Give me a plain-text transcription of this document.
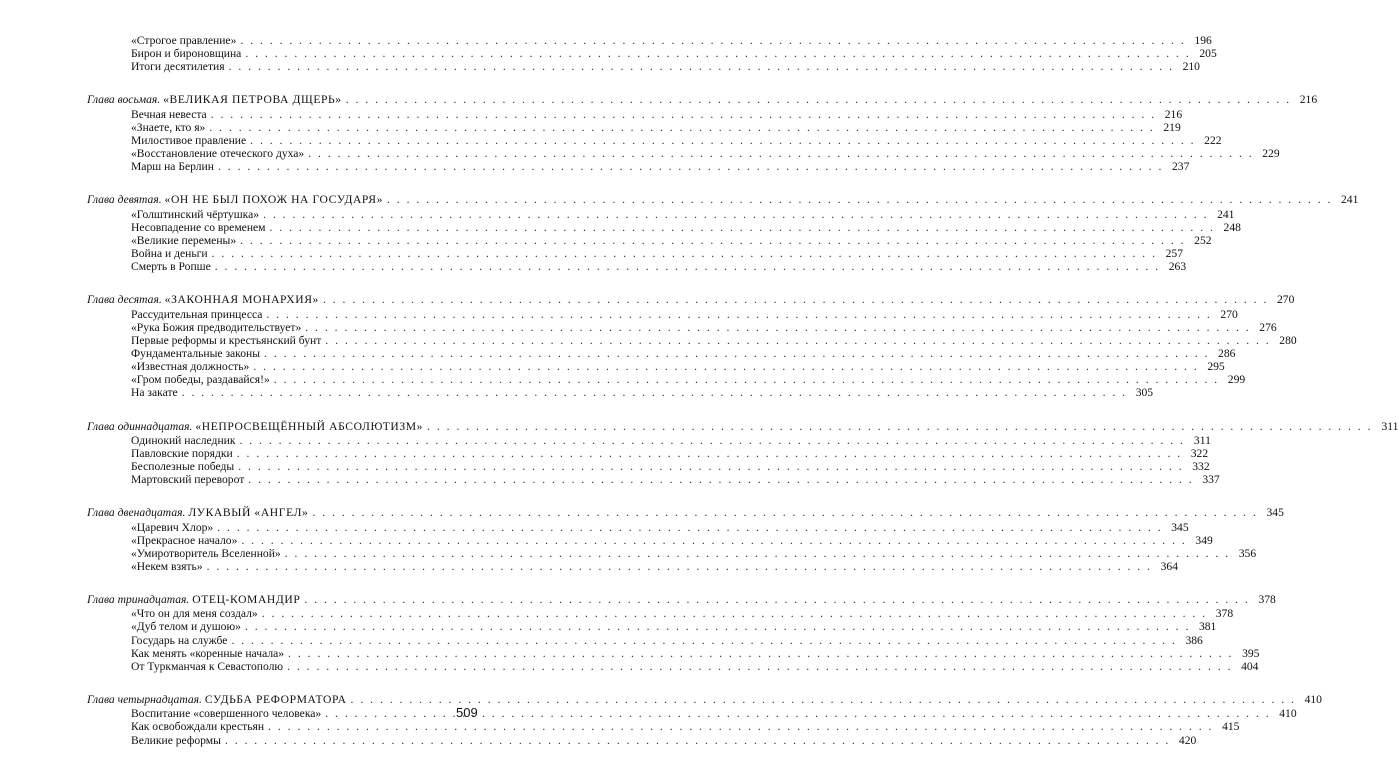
«Строгое правление» . . .	196
Бирон и бироновщина . . .	205
Итоги десятилетия . . .	210
Глава восьмая. «ВЕЛИКАЯ ПЕТРОВА ДЩЕРЬ» . . .	216
Вечная невеста . . .	216
«Знаете, кто я» . . .	219
Милостивое правление . . .	222
«Восстановление отеческого духа» . . .	229
Марш на Берлин . . .	237
Глава девятая. «ОН НЕ БЫЛ ПОХОЖ НА ГОСУДАРЯ» . . .	241
«Голштинский чёртушка» . . .	241
Несовпадение со временем . . .	248
«Великие перемены» . . .	252
Война и деньги . . .	257
Смерть в Ропше . . .	263
Глава десятая. «ЗАКОННАЯ МОНАРХИЯ» . . .	270
Рассудительная принцесса . . .	270
«Рука Божия предводительствует» . . .	276
Первые реформы и крестьянский бунт . . .	280
Фундаментальные законы . . .	286
«Известная должность» . . .	295
«Гром победы, раздавайся!» . . .	299
На закате . . .	305
Глава одиннадцатая. «НЕПРОСВЕЩЁННЫЙ АБСОЛЮТИЗМ» . . .	311
Одинокий наследник . . .	311
Павловские порядки . . .	322
Бесполезные победы . . .	332
Мартовский переворот . . .	337
Глава двенадцатая. ЛУКАВЫЙ «АНГЕЛ» . . .	345
«Царевич Хлор» . . .	345
«Прекрасное начало» . . .	349
«Умиротворитель Вселенной» . . .	356
«Некем взять» . . .	364
Глава тринадцатая. ОТЕЦ-КОМАНДИР . . .	378
«Что он для меня создал» . . .	378
«Дуб телом и душою» . . .	381
Государь на службе . . .	386
Как менять «коренные начала» . . .	395
От Туркманчая к Севастополю . . .	404
Глава четырнадцатая. СУДЬБА РЕФОРМАТОРА . . .	410
Воспитание «совершенного человека» . . .	410
Как освобождали крестьян . . .	415
Великие реформы . . .	420
509
